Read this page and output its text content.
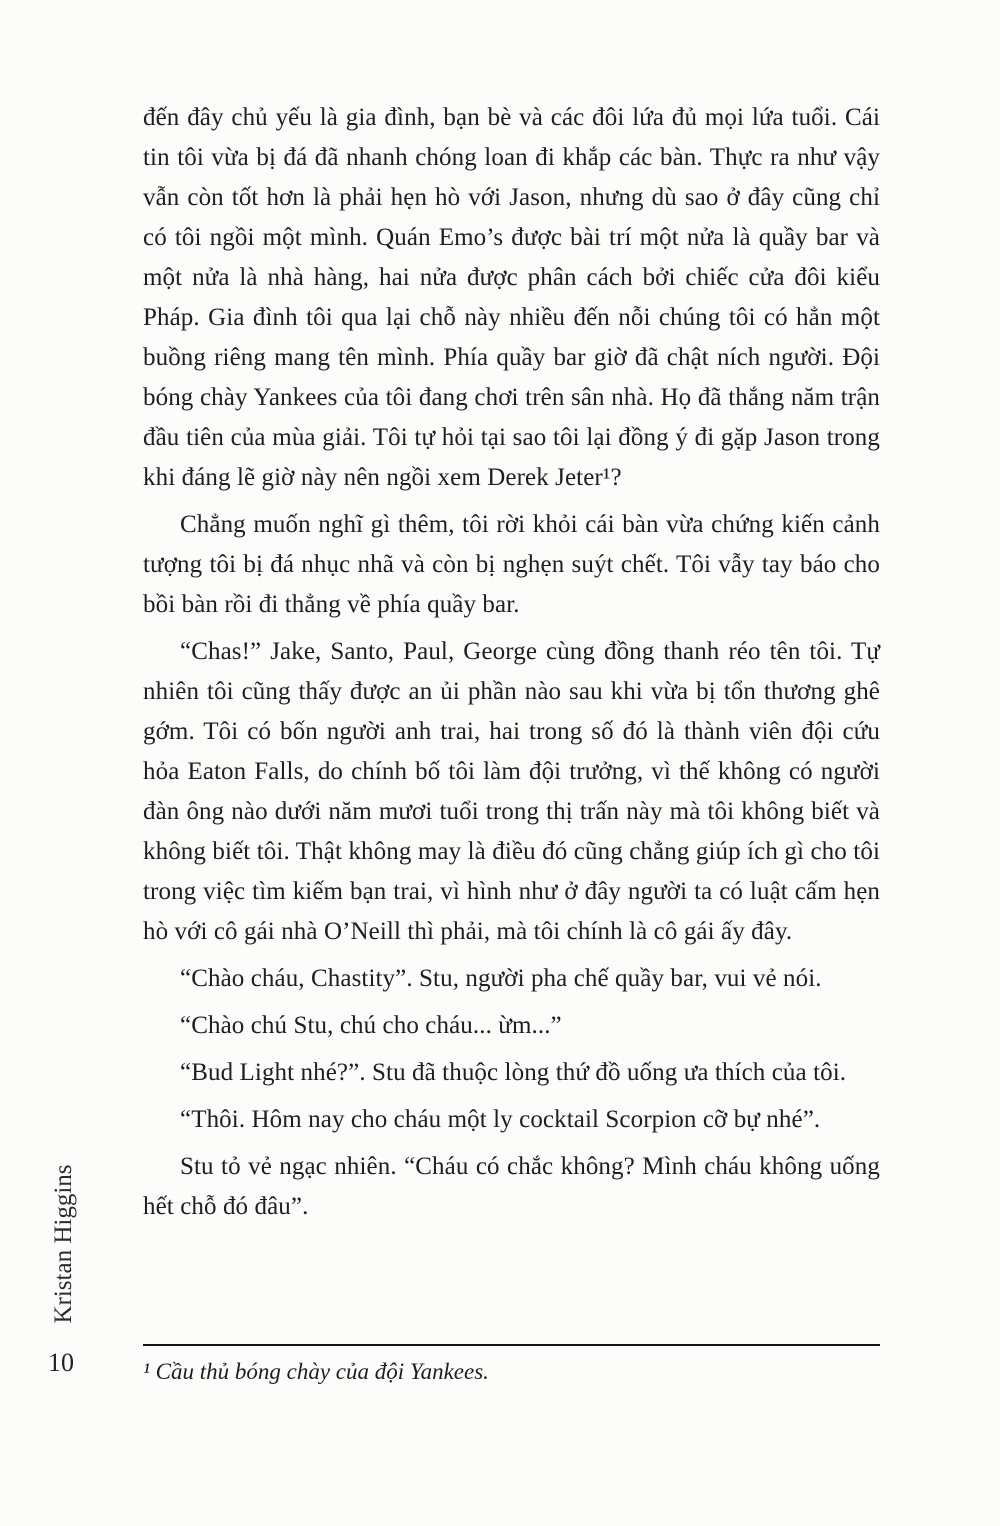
Kristan Higgins
10

đến đây chủ yếu là gia đình, bạn bè và các đôi lứa đủ mọi lứa tuổi. Cái tin tôi vừa bị đá đã nhanh chóng loan đi khắp các bàn. Thực ra như vậy vẫn còn tốt hơn là phải hẹn hò với Jason, nhưng dù sao ở đây cũng chỉ có tôi ngồi một mình. Quán Emo’s được bài trí một nửa là quầy bar và một nửa là nhà hàng, hai nửa được phân cách bởi chiếc cửa đôi kiểu Pháp. Gia đình tôi qua lại chỗ này nhiều đến nỗi chúng tôi có hẳn một buồng riêng mang tên mình. Phía quầy bar giờ đã chật ních người. Đội bóng chày Yankees của tôi đang chơi trên sân nhà. Họ đã thắng năm trận đầu tiên của mùa giải. Tôi tự hỏi tại sao tôi lại đồng ý đi gặp Jason trong khi đáng lẽ giờ này nên ngồi xem Derek Jeter¹?

Chẳng muốn nghĩ gì thêm, tôi rời khỏi cái bàn vừa chứng kiến cảnh tượng tôi bị đá nhục nhã và còn bị nghẹn suýt chết. Tôi vẫy tay báo cho bồi bàn rồi đi thẳng về phía quầy bar.

“Chas!” Jake, Santo, Paul, George cùng đồng thanh réo tên tôi. Tự nhiên tôi cũng thấy được an ủi phần nào sau khi vừa bị tổn thương ghê gớm. Tôi có bốn người anh trai, hai trong số đó là thành viên đội cứu hỏa Eaton Falls, do chính bố tôi làm đội trưởng, vì thế không có người đàn ông nào dưới năm mươi tuổi trong thị trấn này mà tôi không biết và không biết tôi. Thật không may là điều đó cũng chẳng giúp ích gì cho tôi trong việc tìm kiếm bạn trai, vì hình như ở đây người ta có luật cấm hẹn hò với cô gái nhà O’Neill thì phải, mà tôi chính là cô gái ấy đây.

“Chào cháu, Chastity”. Stu, người pha chế quầy bar, vui vẻ nói.

“Chào chú Stu, chú cho cháu... ừm...”

“Bud Light nhé?”. Stu đã thuộc lòng thứ đồ uống ưa thích của tôi.

“Thôi. Hôm nay cho cháu một ly cocktail Scorpion cỡ bự nhé”.

Stu tỏ vẻ ngạc nhiên. “Cháu có chắc không? Mình cháu không uống hết chỗ đó đâu”.

¹ Cầu thủ bóng chày của đội Yankees.
